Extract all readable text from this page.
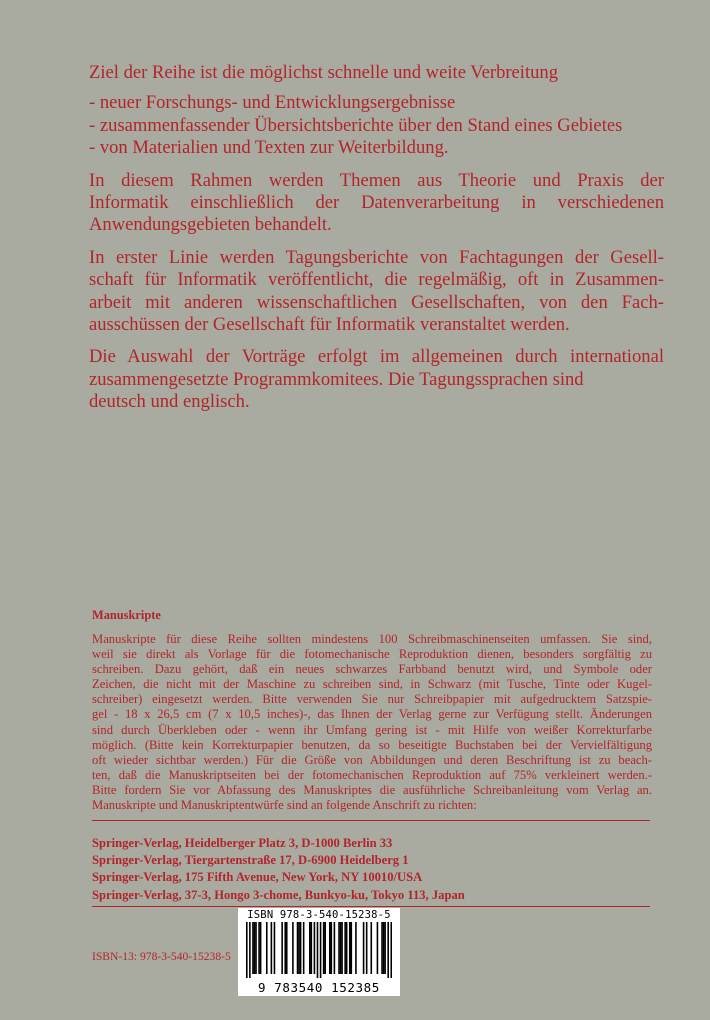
Ziel der Reihe ist die möglichst schnelle und weite Verbreitung

- neuer Forschungs- und Entwicklungsergebnisse
- zusammenfassender Übersichtsberichte über den Stand eines Gebietes
- von Materialien und Texten zur Weiterbildung.
In diesem Rahmen werden Themen aus Theorie und Praxis der
Informatik einschließlich der Datenverarbeitung in verschiedenen
Anwendungsgebieten behandelt.
In erster Linie werden Tagungsberichte von Fachtagungen der Gesell-
schaft für Informatik veröffentlicht, die regelmäßig, oft in Zusammen-
arbeit mit anderen wissenschaftlichen Gesellschaften, von den Fach-
ausschüssen der Gesellschaft für Informatik veranstaltet werden.
Die Auswahl der Vorträge erfolgt im allgemeinen durch international
zusammengesetzte Programmkomitees. Die Tagungssprachen sind
deutsch und englisch.
Manuskripte
Manuskripte für diese Reihe sollten mindestens 100 Schreibmaschinenseiten umfassen. Sie sind,
weil sie direkt als Vorlage für die fotomechanische Reproduktion dienen, besonders sorgfältig zu
schreiben. Dazu gehört, daß ein neues schwarzes Farbband benutzt wird, und Symbole oder
Zeichen, die nicht mit der Maschine zu schreiben sind, in Schwarz (mit Tusche, Tinte oder Kugel-
schreiber) eingesetzt werden. Bitte verwenden Sie nur Schreibpapier mit aufgedrucktem Satzspie-
gel - 18 x 26,5 cm (7 x 10,5 inches)-, das Ihnen der Verlag gerne zur Verfügung stellt. Änderungen
sind durch Überkleben oder - wenn ihr Umfang gering ist - mit Hilfe von weißer Korrekturfarbe
möglich. (Bitte kein Korrekturpapier benutzen, da so beseitigte Buchstaben bei der Vervielfältigung
oft wieder sichtbar werden.) Für die Größe von Abbildungen und deren Beschriftung ist zu beach-
ten, daß die Manuskriptseiten bei der fotomechanischen Reproduktion auf 75% verkleinert werden.-
Bitte fordern Sie vor Abfassung des Manuskriptes die ausführliche Schreibanleitung vom Verlag an.
Manuskripte und Manuskriptentwürfe sind an folgende Anschrift zu richten:
Springer-Verlag, Heidelberger Platz 3, D-1000 Berlin 33
Springer-Verlag, Tiergartenstraße 17, D-6900 Heidelberg 1
Springer-Verlag, 175 Fifth Avenue, New York, NY 10010/USA
Springer-Verlag, 37-3, Hongo 3-chome, Bunkyo-ku, Tokyo 113, Japan
ISBN-13: 978-3-540-15238-5
ISBN 978-3-540-15238-5
9 783540 152385
